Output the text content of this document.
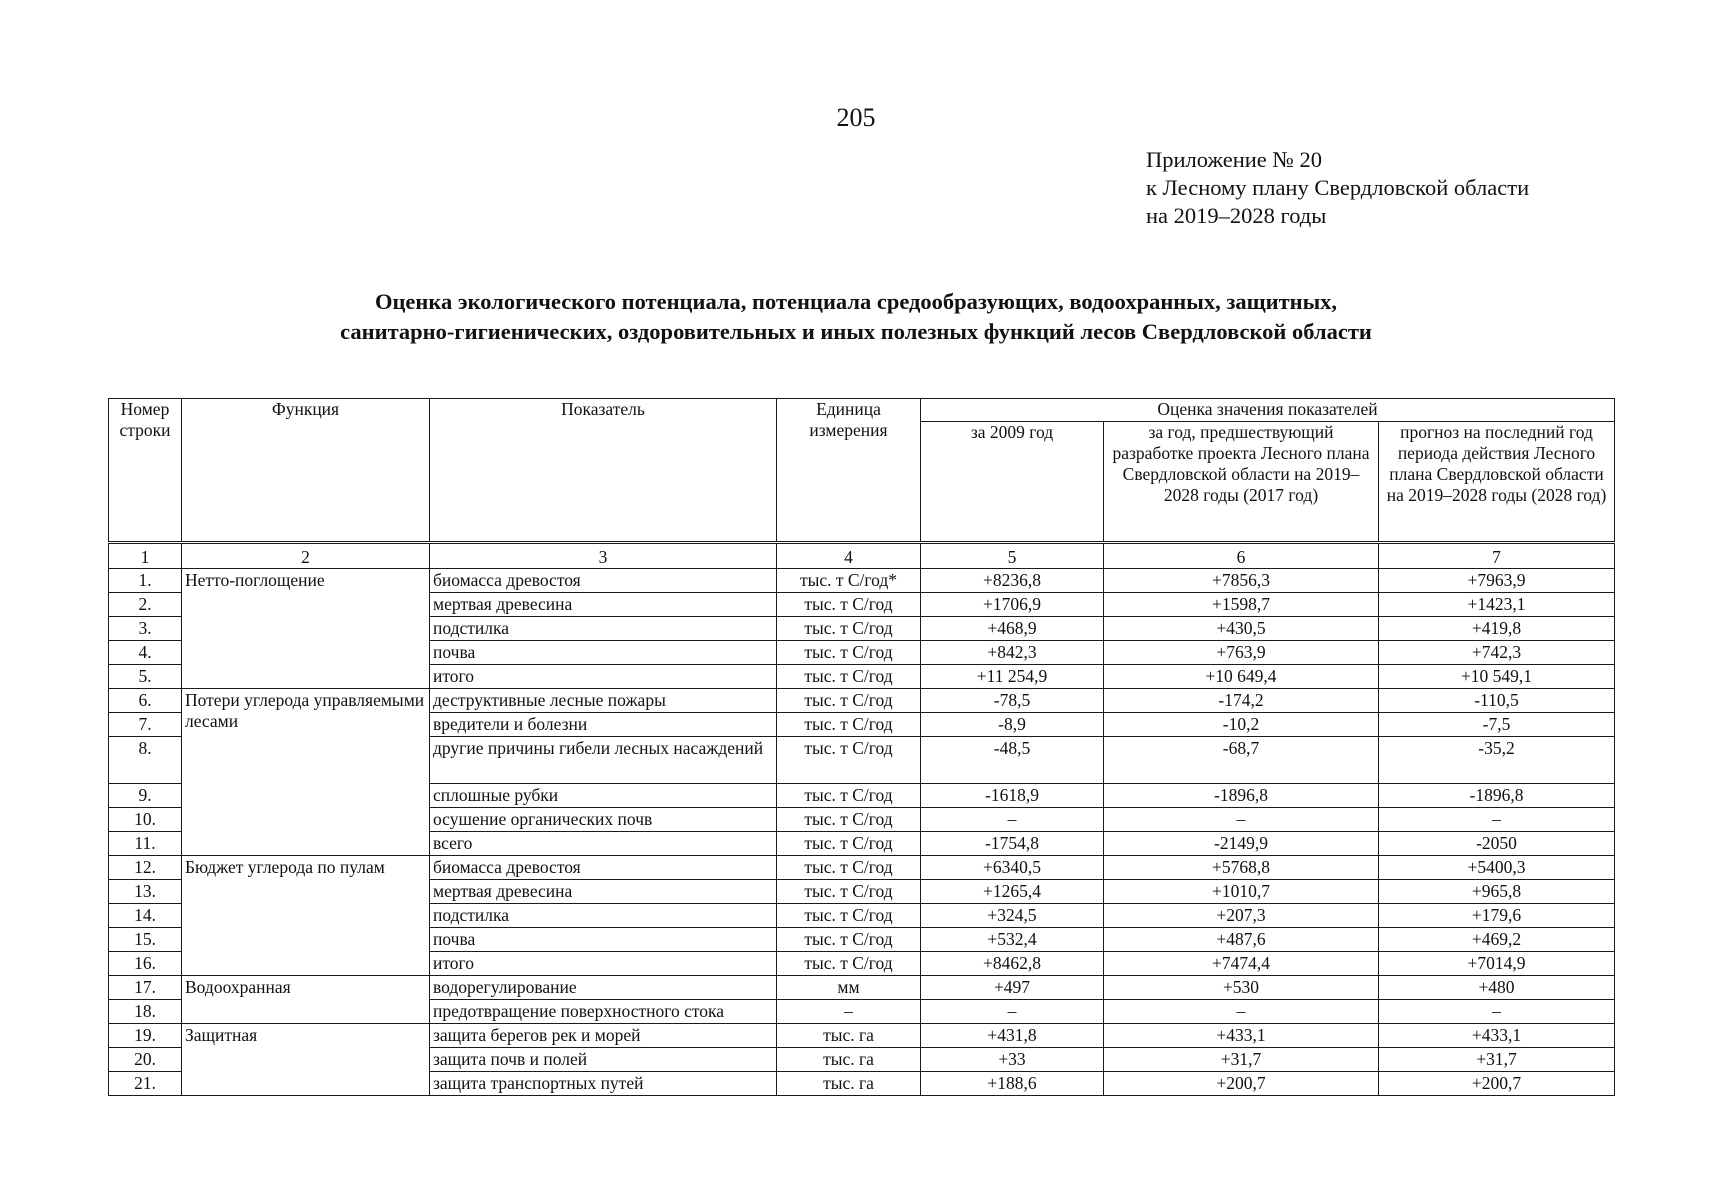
205
Приложение № 20
к Лесному плану Свердловской области
на 2019–2028 годы
Оценка экологического потенциала, потенциала средообразующих, водоохранных, защитных,
санитарно-гигиенических, оздоровительных и иных полезных функций лесов Свердловской области
Номер строки	Функция	Показатель	Единица измерения	Оценка значения показателей		
				за 2009 год	за год, предшествующий разработке проекта Лесного плана Свердловской области на 2019–2028 годы (2017 год)	прогноз на последний год периода действия Лесного плана Свердловской области на 2019–2028 годы (2028 год)
1	2	3	4	5	6	7
1.	Нетто-поглощение	биомасса древостоя	тыс. т С/год*	+8236,8	+7856,3	+7963,9
2.		мертвая древесина	тыс. т С/год	+1706,9	+1598,7	+1423,1
3.		подстилка	тыс. т С/год	+468,9	+430,5	+419,8
4.		почва	тыс. т С/год	+842,3	+763,9	+742,3
5.		итого	тыс. т С/год	+11 254,9	+10 649,4	+10 549,1
6.	Потери углерода управляемыми лесами	деструктивные лесные пожары	тыс. т С/год	-78,5	-174,2	-110,5
7.		вредители и болезни	тыс. т С/год	-8,9	-10,2	-7,5
8.		другие причины гибели лесных насаждений	тыс. т С/год	-48,5	-68,7	-35,2
9.		сплошные рубки	тыс. т С/год	-1618,9	-1896,8	-1896,8
10.		осушение органических почв	тыс. т С/год	–	–	–
11.		всего	тыс. т С/год	-1754,8	-2149,9	-2050
12.	Бюджет углерода по пулам	биомасса древостоя	тыс. т С/год	+6340,5	+5768,8	+5400,3
13.		мертвая древесина	тыс. т С/год	+1265,4	+1010,7	+965,8
14.		подстилка	тыс. т С/год	+324,5	+207,3	+179,6
15.		почва	тыс. т С/год	+532,4	+487,6	+469,2
16.		итого	тыс. т С/год	+8462,8	+7474,4	+7014,9
17.	Водоохранная	водорегулирование	мм	+497	+530	+480
18.		предотвращение поверхностного стока	–	–	–	–
19.	Защитная	защита берегов рек и морей	тыс. га	+431,8	+433,1	+433,1
20.		защита почв и полей	тыс. га	+33	+31,7	+31,7
21.		защита транспортных путей	тыс. га	+188,6	+200,7	+200,7
